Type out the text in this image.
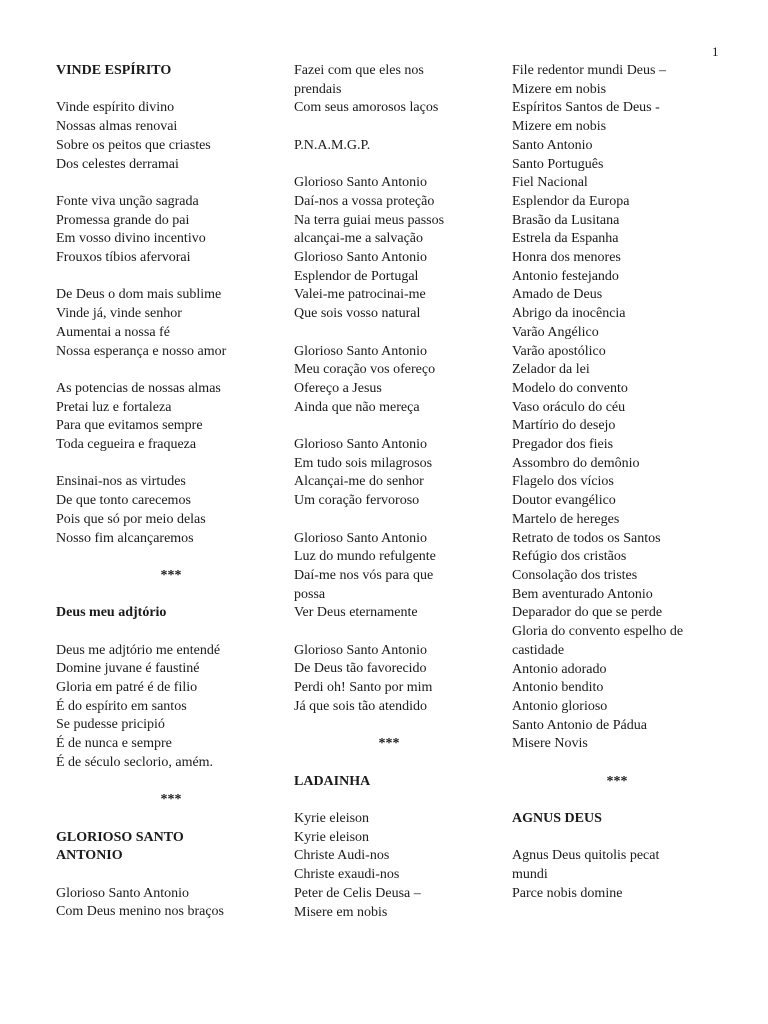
1
VINDE ESPÍRITO
Vinde espírito divino
Nossas almas renovai
Sobre os peitos que criastes
Dos celestes derramai
Fonte viva unção sagrada
Promessa grande do pai
Em vosso divino incentivo
Frouxos tíbios afervorai
De Deus o dom mais sublime
Vinde já, vinde senhor
Aumentai a nossa fé
Nossa esperança e nosso amor
As potencias de nossas almas
Pretai luz e fortaleza
Para que evitamos sempre
Toda cegueira e fraqueza
Ensinai-nos as virtudes
De que tonto carecemos
Pois que só por meio delas
Nosso fim alcançaremos
***
Deus meu adjtório
Deus me adjtório me entendé
Domine juvane é faustiné
Gloria em patré é de filio
É do espírito em santos
Se pudesse pricipió
É de nunca e sempre
É de século seclorio, amém.
***
GLORIOSO SANTO
ANTONIO
Glorioso Santo Antonio
Com Deus menino nos braços
Fazei com que eles nos
prendais
Com seus amorosos laços
P.N.A.M.G.P.
Glorioso Santo Antonio
Daí-nos a vossa proteção
Na terra guiai meus passos
alcançai-me a salvação
Glorioso Santo Antonio
Esplendor de Portugal
Valei-me patrocinai-me
Que sois vosso natural
Glorioso Santo Antonio
Meu coração vos ofereço
Ofereço a Jesus
Ainda que não mereça
Glorioso Santo Antonio
Em tudo sois milagrosos
Alcançai-me do senhor
Um coração fervoroso
Glorioso Santo Antonio
Luz do mundo refulgente
Daí-me nos vós para que
possa
Ver Deus eternamente
Glorioso Santo Antonio
De Deus tão favorecido
Perdi oh! Santo por mim
Já que sois tão atendido
***
LADAINHA
Kyrie eleison
Kyrie eleison
Christe Audi-nos
Christe exaudi-nos
Peter de Celis Deusa –
Misere em nobis
File redentor mundi Deus –
Mizere em nobis
Espíritos Santos de Deus -
Mizere em nobis
Santo Antonio
Santo Português
Fiel Nacional
Esplendor da Europa
Brasão da Lusitana
Estrela da Espanha
Honra dos menores
Antonio festejando
Amado de Deus
Abrigo da inocência
Varão Angélico
Varão apostólico
Zelador da lei
Modelo do convento
Vaso oráculo do céu
Martírio do desejo
Pregador dos fieis
Assombro do demônio
Flagelo dos vícios
Doutor evangélico
Martelo de hereges
Retrato de todos os Santos
Refúgio dos cristãos
Consolação dos tristes
Bem aventurado Antonio
Deparador do que se perde
Gloria do convento espelho de
castidade
Antonio adorado
Antonio bendito
Antonio glorioso
Santo Antonio de Pádua
Misere Novis
***
AGNUS DEUS
Agnus Deus quitolis pecat
mundi
Parce nobis domine
